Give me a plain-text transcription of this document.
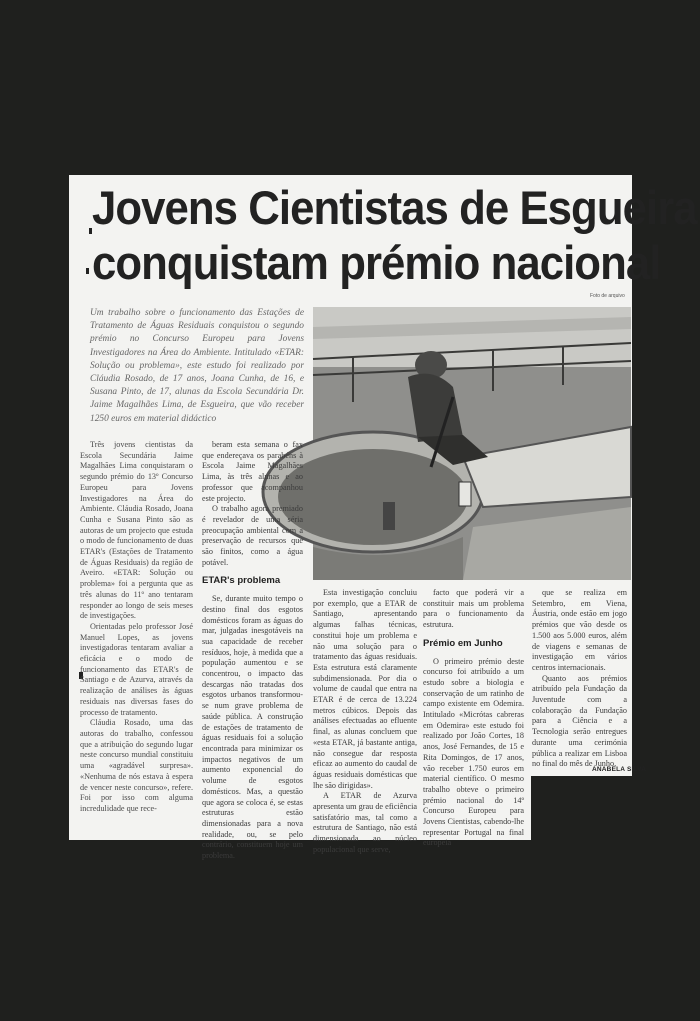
Jovens Cientistas de Esgueira
conquistam prémio nacional
Foto de arquivo

Um trabalho sobre o funcionamento das Estações de Tratamento de Águas Residuais conquistou o segundo prémio no Concurso Europeu para Jovens Investigadores na Área do Ambiente. Intitulado «ETAR: Solução ou problema», este estudo foi realizado por Cláudia Rosado, de 17 anos, Joana Cunha, de 16, e Susana Pinto, de 17, alunas da Escola Secundária Dr. Jaime Magalhães Lima, de Esgueira, que vão receber 1250 euros em material didáctico

Três jovens cientistas da Escola Secundária Jaime Magalhães Lima conquistaram o segundo prémio do 13º Concurso Europeu para Jovens Investigadores na Área do Ambiente. Cláudia Rosado, Joana Cunha e Susana Pinto são as autoras de um projecto que estuda o modo de funcionamento de duas ETAR's (Estações de Tratamento de Águas Residuais) da região de Aveiro. «ETAR: Solução ou problema» foi a pergunta que as três alunas do 11º ano tentaram responder ao longo de seis meses de investigações.

Orientadas pelo professor José Manuel Lopes, as jovens investigadoras tentaram avaliar a eficácia e o modo de funcionamento das ETAR's de Santiago e de Azurva, através da realização de análises às águas residuais nas diversas fases do processo de tratamento.

Cláudia Rosado, uma das autoras do trabalho, confessou que a atribuição do segundo lugar neste concurso mundial constituiu uma «agradável surpresa». «Nenhuma de nós estava à espera de vencer neste concurso», refere. Foi por isso com alguma incredulidade que rece-

beram esta semana o fax que endereçava os parabéns à Escola Jaime Magalhães Lima, às três alunas e ao professor que acompanhou este projecto.

O trabalho agora premiado é revelador de uma séria preocupação ambiental com a preservação de recursos que são finitos, como a água potável.

ETAR's problema

Se, durante muito tempo o destino final dos esgotos domésticos foram as águas do mar, julgadas inesgotáveis na sua capacidade de receber resíduos, hoje, à medida que a população aumentou e se concentrou, o impacto das descargas não tratadas dos esgotos urbanos transformou-se num grave problema de saúde pública. A construção de estações de tratamento de águas residuais foi a solução encontrada para minimizar os impactos negativos de um aumento exponencial do volume de esgotos domésticos. Mas, a questão que agora se coloca é, se estas estruturas estão dimensionadas para a nova realidade, ou, se pelo contrário, constituem hoje um problema.

Esta investigação concluiu por exemplo, que a ETAR de Santiago, apresentando algumas falhas técnicas, constitui hoje um problema e não uma solução para o tratamento das águas residuais. Esta estrutura está claramente subdimensionada. Por dia o volume de caudal que entra na ETAR é de cerca de 13.224 metros cúbicos. Depois das análises efectuadas ao efluente final, as alunas concluem que «esta ETAR, já bastante antiga, não consegue dar resposta eficaz ao aumento do caudal de águas residuais domésticas que lhe são dirigidas».

A ETAR de Azurva apresenta um grau de eficiência satisfatório mas, tal como a estrutura de Santiago, não está dimensionada ao núcleo populacional que serve,

facto que poderá vir a constituir mais um problema para o funcionamento da estrutura.

Prémio em Junho

O primeiro prémio deste concurso foi atribuído a um estudo sobre a biologia e conservação de um ratinho de campo existente em Odemira. Intitulado «Micrótas cabreras em Odemira» este estudo foi realizado por João Cortes, 18 anos, José Fernandes, de 15 e Rita Domingos, de 17 anos, vão receber 1.750 euros em material científico. O mesmo trabalho obteve o primeiro prémio nacional do 14º Concurso Europeu para Jovens Cientistas, cabendo-lhe representar Portugal na final europeia

que se realiza em Setembro, em Viena, Áustria, onde estão em jogo prémios que vão desde os 1.500 aos 5.000 euros, além de viagens e semanas de investigação em vários centros internacionais.

Quanto aos prémios atribuído pela Fundação da Juventude com a colaboração da Fundação para a Ciência e a Tecnologia serão entregues durante uma cerimónia pública a realizar em Lisboa no final do mês de Junho.

ANABELA SILVA
